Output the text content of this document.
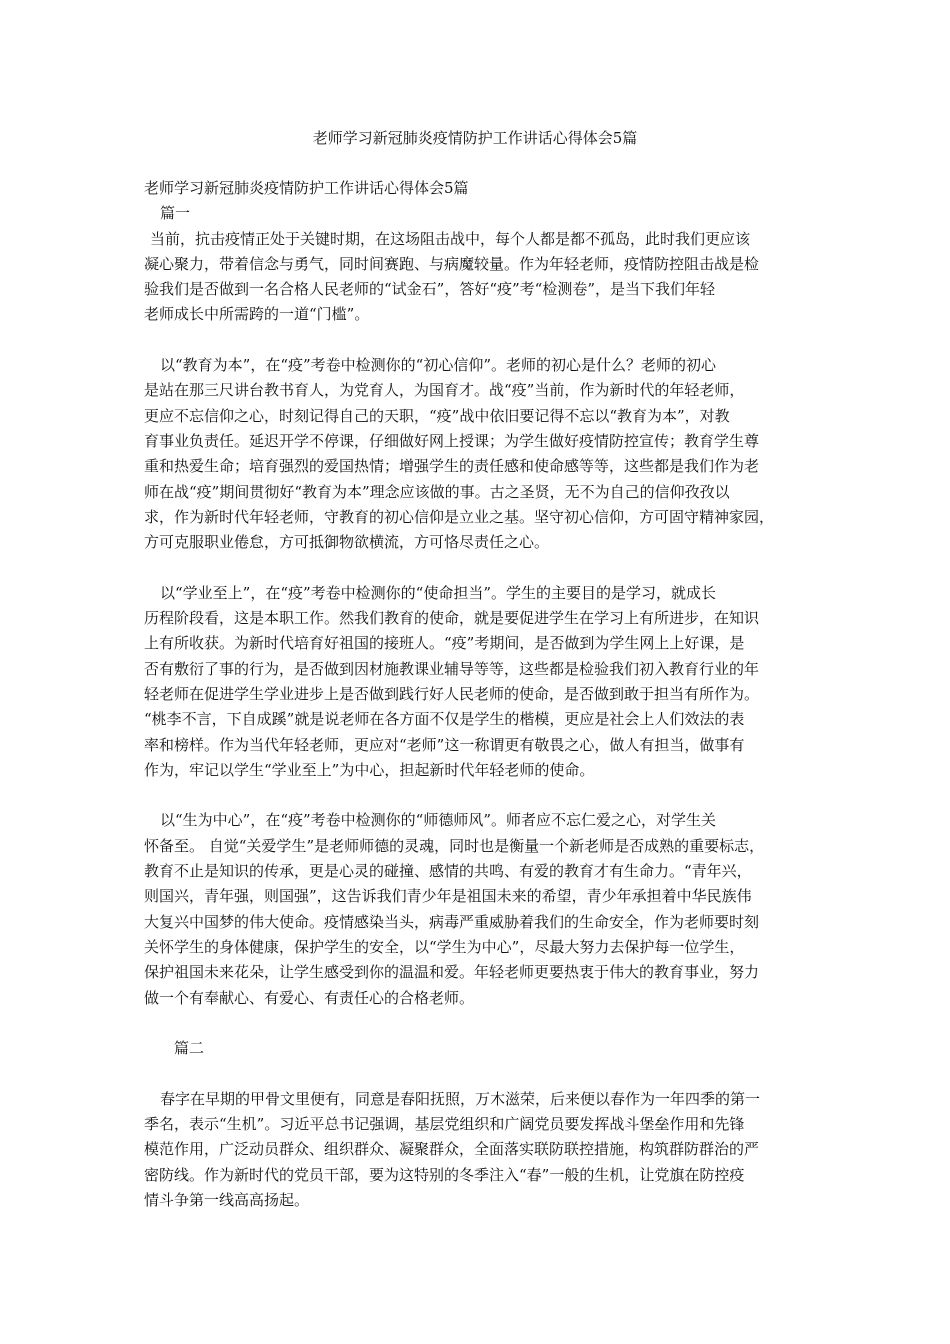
老师学习新冠肺炎疫情防护工作讲话心得体会5篇

老师学习新冠肺炎疫情防护工作讲话心得体会5篇

篇一

当前，抗击疫情正处于关键时期，在这场阻击战中，每个人都是都不孤岛，此时我们更应该

凝心聚力，带着信念与勇气，同时间赛跑、与病魔较量。作为年轻老师，疫情防控阻击战是检

验我们是否做到一名合格人民老师的“试金石”，答好“疫”考“检测卷”，是当下我们年轻

老师成长中所需跨的一道“门槛”。

以“教育为本”，在“疫”考卷中检测你的“初心信仰”。老师的初心是什么？老师的初心

是站在那三尺讲台教书育人，为党育人，为国育才。战“疫”当前，作为新时代的年轻老师，

更应不忘信仰之心，时刻记得自己的天职，“疫”战中依旧要记得不忘以“教育为本”，对教

育事业负责任。延迟开学不停课，仔细做好网上授课；为学生做好疫情防控宣传；教育学生尊

重和热爱生命；培育强烈的爱国热情；增强学生的责任感和使命感等等，这些都是我们作为老

师在战“疫”期间贯彻好“教育为本”理念应该做的事。古之圣贤，无不为自己的信仰孜孜以

求，作为新时代年轻老师，守教育的初心信仰是立业之基。坚守初心信仰，方可固守精神家园，

方可克服职业倦怠，方可抵御物欲横流，方可恪尽责任之心。

以“学业至上”，在“疫”考卷中检测你的“使命担当”。学生的主要目的是学习，就成长

历程阶段看，这是本职工作。然我们教育的使命，就是要促进学生在学习上有所进步，在知识

上有所收获。为新时代培育好祖国的接班人。“疫”考期间，是否做到为学生网上上好课，是

否有敷衍了事的行为，是否做到因材施教课业辅导等等，这些都是检验我们初入教育行业的年

轻老师在促进学生学业进步上是否做到践行好人民老师的使命，是否做到敢于担当有所作为。

“桃李不言，下自成蹊”就是说老师在各方面不仅是学生的楷模，更应是社会上人们效法的表

率和榜样。作为当代年轻老师，更应对“老师”这一称谓更有敬畏之心，做人有担当，做事有

作为，牢记以学生“学业至上”为中心，担起新时代年轻老师的使命。

以“生为中心”，在“疫”考卷中检测你的“师德师风”。师者应不忘仁爱之心，对学生关

怀备至。 自觉“关爱学生”是老师师德的灵魂，同时也是衡量一个新老师是否成熟的重要标志，

教育不止是知识的传承，更是心灵的碰撞、感情的共鸣、有爱的教育才有生命力。“青年兴，

则国兴，青年强，则国强”，这告诉我们青少年是祖国未来的希望，青少年承担着中华民族伟

大复兴中国梦的伟大使命。疫情感染当头，病毒严重威胁着我们的生命安全，作为老师要时刻

关怀学生的身体健康，保护学生的安全，以“学生为中心”，尽最大努力去保护每一位学生，

保护祖国未来花朵，让学生感受到你的温温和爱。年轻老师更要热衷于伟大的教育事业，努力

做一个有奉献心、有爱心、有责任心的合格老师。

篇二

春字在早期的甲骨文里便有，同意是春阳抚照，万木滋荣，后来便以春作为一年四季的第一

季名，表示“生机”。习近平总书记强调，基层党组织和广阔党员要发挥战斗堡垒作用和先锋

模范作用，广泛动员群众、组织群众、凝聚群众，全面落实联防联控措施，构筑群防群治的严

密防线。作为新时代的党员干部，要为这特别的冬季注入“春”一般的生机，让党旗在防控疫

情斗争第一线高高扬起。
